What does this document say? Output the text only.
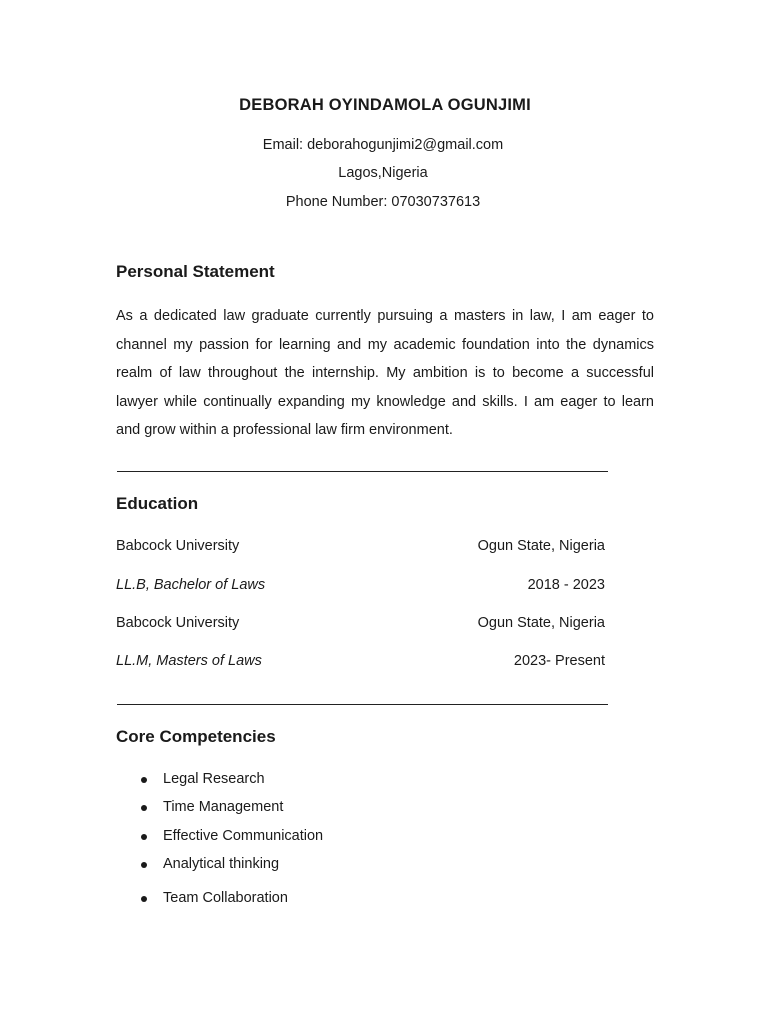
DEBORAH OYINDAMOLA OGUNJIMI
Email: deborahogunjimi2@gmail.com
Lagos,Nigeria
Phone Number: 07030737613
Personal Statement
As a dedicated law graduate currently pursuing a masters in law, I am eager to channel my passion for learning and my academic foundation into the dynamics realm of law throughout the internship. My ambition is to become a successful lawyer while continually expanding my knowledge and skills. I am eager to learn and grow within a professional law firm environment.
Education
Babcock University	Ogun State, Nigeria
LL.B, Bachelor of Laws	2018 - 2023
Babcock University	Ogun State, Nigeria
LL.M, Masters of Laws	2023- Present
Core Competencies
Legal Research
Time Management
Effective Communication
Analytical thinking
Team Collaboration
